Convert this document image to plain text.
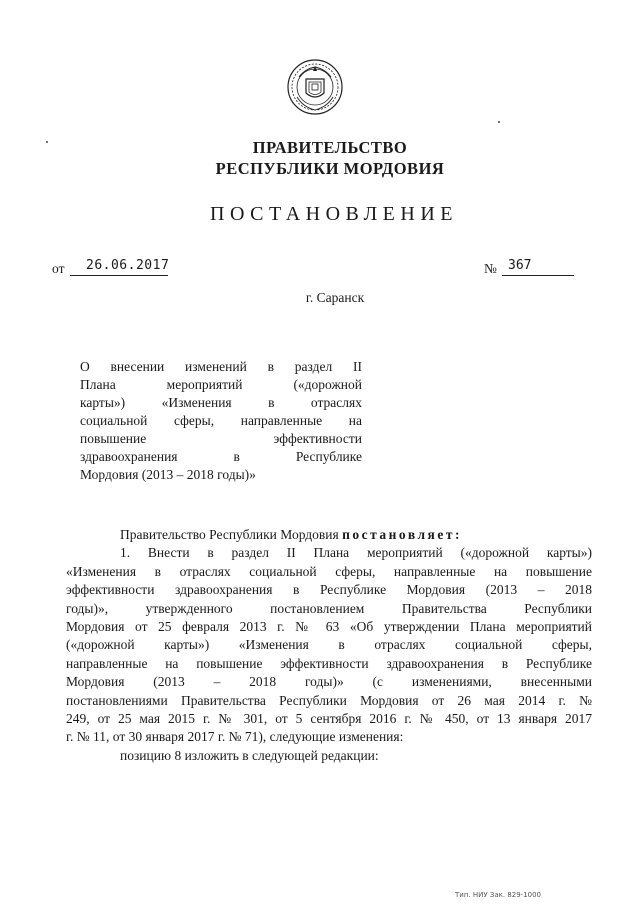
ПРАВИТЕЛЬСТВО
РЕСПУБЛИКИ МОРДОВИЯ
ПОСТАНОВЛЕНИЕ
от 26.06.2017	№ 367
г. Саранск
О внесении изменений в раздел II
Плана мероприятий («дорожной
карты») «Изменения в отраслях
социальной сферы, направленные на
повышение эффективности
здравоохранения в Республике
Мордовия (2013 – 2018 годы)»

Правительство Республики Мордовия постановляет:

1. Внести в раздел II Плана мероприятий («дорожной карты»)
«Изменения в отраслях социальной сферы, направленные на повышение
эффективности здравоохранения в Республике Мордовия (2013 – 2018
годы)», утвержденного постановлением Правительства Республики
Мордовия от 25 февраля 2013 г. № 63 «Об утверждении Плана мероприятий
(«дорожной карты») «Изменения в отраслях социальной сферы,
направленные на повышение эффективности здравоохранения в Республике
Мордовия (2013 – 2018 годы)» (с изменениями, внесенными
постановлениями Правительства Республики Мордовия от 26 мая 2014 г. №
249, от 25 мая 2015 г. № 301, от 5 сентября 2016 г. № 450, от 13 января 2017
г. № 11, от 30 января 2017 г. № 71), следующие изменения:

позицию 8 изложить в следующей редакции:

Тип. НИУ Зак. 829-1000
